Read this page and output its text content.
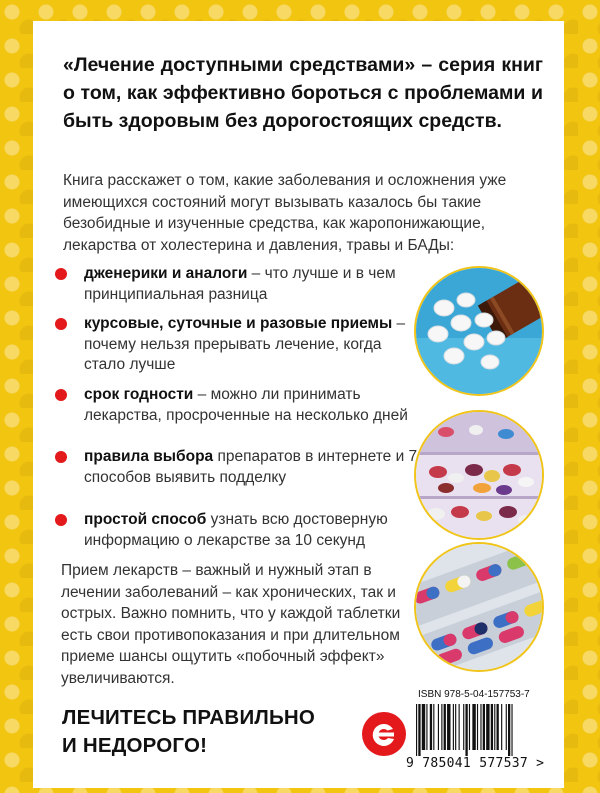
«Лечение доступными средствами» – серия книг о том, как эффективно бороться с проблемами и быть здоровым без дорогостоящих средств.

Книга расскажет о том, какие заболевания и осложнения уже имеющихся состояний могут вызывать казалось бы такие безобидные и изученные средства, как жаропонижающие, лекарства от холестерина и давления, травы и БАДы:

дженерики и аналоги – что лучше и в чем принципиальная разница
курсовые, суточные и разовые приемы – почему нельзя прерывать лечение, когда стало лучше
срок годности – можно ли принимать лекарства, просроченные на несколько дней
правила выбора препаратов в интернете и 7 способов выявить подделку
простой способ узнать всю достоверную информацию о лекарстве за 10 секунд

Прием лекарств – важный и нужный этап в лечении заболеваний – как хронических, так и острых. Важно помнить, что у каждой таблетки есть свои противопоказания и при длительном приеме шансы ощутить «побочный эффект» увеличиваются.

ЛЕЧИТЕСЬ ПРАВИЛЬНО
И НЕДОРОГО!

ISBN 978-5-04-157753-7
9 785041 577537 >
